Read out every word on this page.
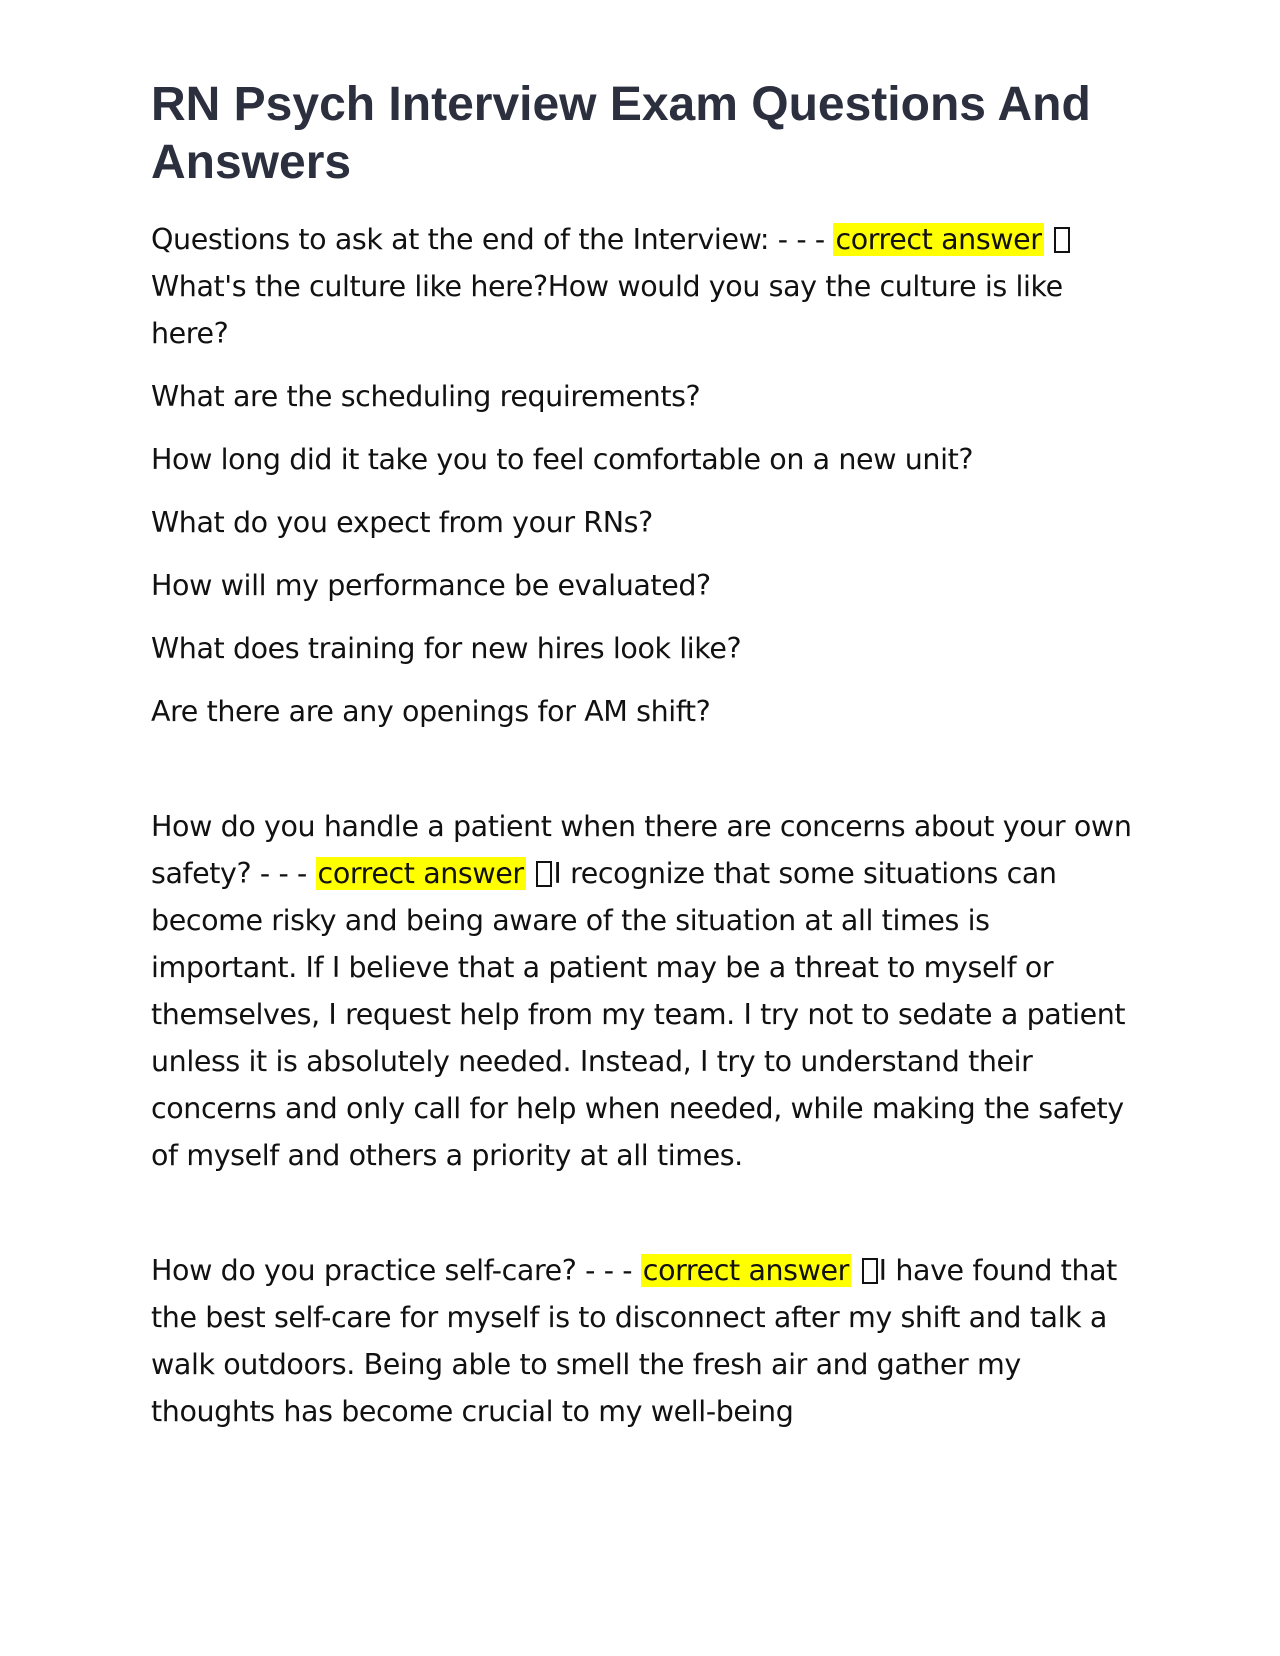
RN Psych Interview Exam Questions And Answers

Questions to ask at the end of the Interview: - - - correct answer What's the culture like here?How would you say the culture is like here?

What are the scheduling requirements?

How long did it take you to feel comfortable on a new unit?

What do you expect from your RNs?

How will my performance be evaluated?

What does training for new hires look like?

Are there are any openings for AM shift?

How do you handle a patient when there are concerns about your own safety? - - - correct answer I recognize that some situations can become risky and being aware of the situation at all times is important. If I believe that a patient may be a threat to myself or themselves, I request help from my team. I try not to sedate a patient unless it is absolutely needed. Instead, I try to understand their concerns and only call for help when needed, while making the safety of myself and others a priority at all times.

How do you practice self-care? - - - correct answer I have found that the best self-care for myself is to disconnect after my shift and talk a walk outdoors. Being able to smell the fresh air and gather my thoughts has become crucial to my well-being
